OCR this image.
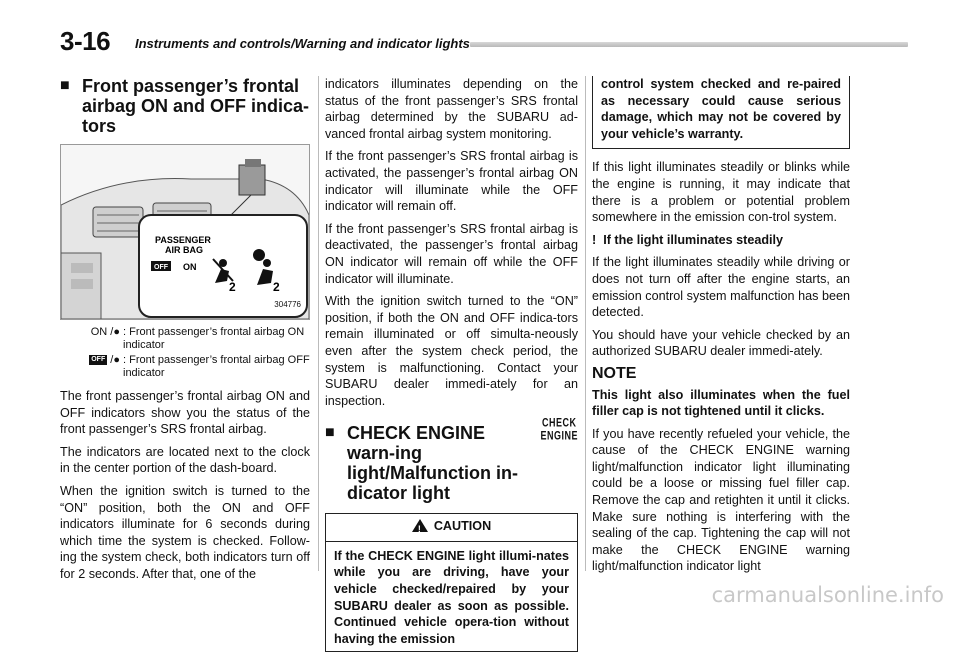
3-16 Instruments and controls/Warning and indicator lights
■ Front passenger’s frontal airbag ON and OFF indica-tors
PASSENGER
AIR BAG
OFF ON
2	2
304776
ON /● : Front passenger’s frontal airbag ON indicator
OFF /● : Front passenger’s frontal airbag OFF indicator

The front passenger’s frontal airbag ON and OFF indicators show you the status of the front passenger’s SRS frontal airbag.

The indicators are located next to the clock in the center portion of the dash-board.

When the ignition switch is turned to the “ON” position, both the ON and OFF indicators illuminate for 6 seconds during which time the system is checked. Follow-ing the system check, both indicators turn off for 2 seconds. After that, one of the

indicators illuminates depending on the status of the front passenger’s SRS frontal airbag determined by the SUBARU ad-vanced frontal airbag system monitoring.

If the front passenger’s SRS frontal airbag is activated, the passenger’s frontal airbag ON indicator will illuminate while the OFF indicator will remain off.

If the front passenger’s SRS frontal airbag is deactivated, the passenger’s frontal airbag ON indicator will remain off while the OFF indicator will illuminate.

With the ignition switch turned to the “ON” position, if both the ON and OFF indica-tors remain illuminated or off simulta-neously even after the system check period, the system is malfunctioning. Contact your SUBARU dealer immedi-ately for an inspection.

■ CHECK ENGINE warn-ing light/Malfunction in-dicator light
CHECK
ENGINE
!CAUTION
If the CHECK ENGINE light illumi-nates while you are driving, have your vehicle checked/repaired by your SUBARU dealer as soon as possible. Continued vehicle opera-tion without having the emission
control system checked and re-paired as necessary could cause serious damage, which may not be covered by your vehicle’s warranty.

If this light illuminates steadily or blinks while the engine is running, it may indicate that there is a problem or potential problem somewhere in the emission con-trol system.

! If the light illuminates steadily

If the light illuminates steadily while driving or does not turn off after the engine starts, an emission control system malfunction has been detected.

You should have your vehicle checked by an authorized SUBARU dealer immedi-ately.

NOTE

This light also illuminates when the fuel filler cap is not tightened until it clicks.

If you have recently refueled your vehicle, the cause of the CHECK ENGINE warning light/malfunction indicator light illuminating could be a loose or missing fuel filler cap. Remove the cap and retighten it until it clicks. Make sure nothing is interfering with the sealing of the cap. Tightening the cap will not make the CHECK ENGINE warning light/malfunction indicator light

carmanualsonline.info
